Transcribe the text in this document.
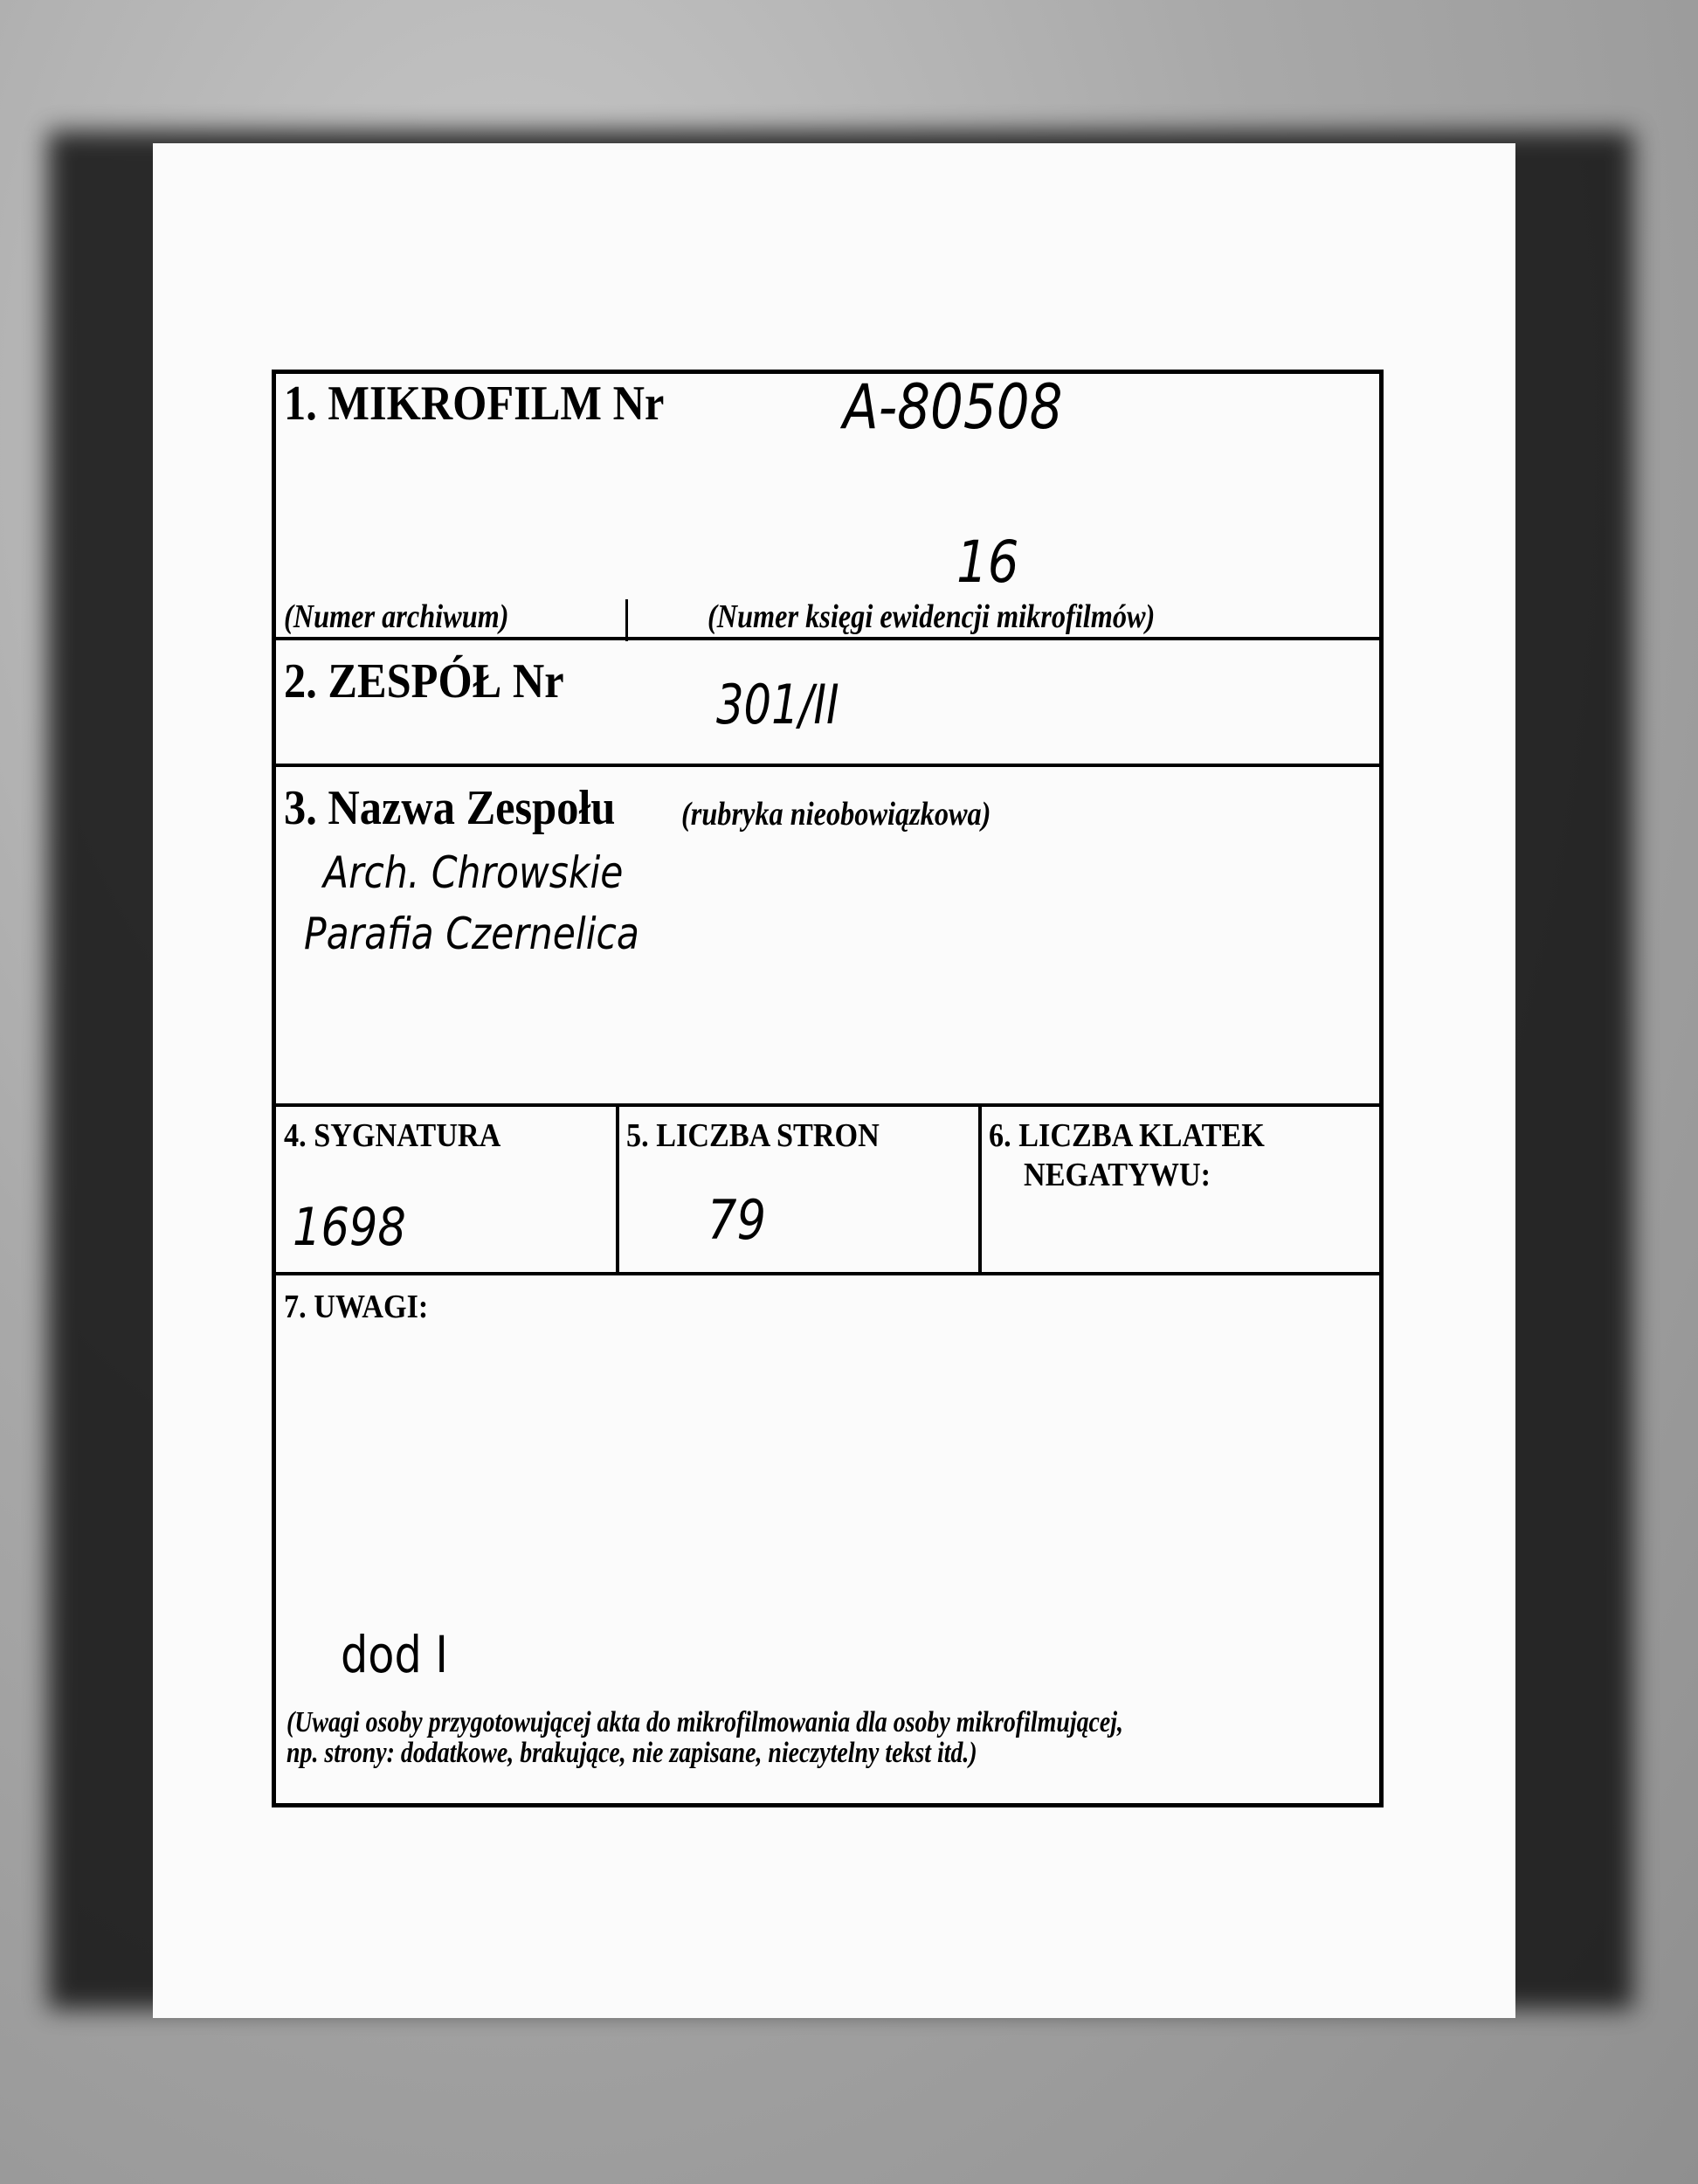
1. MIKROFILM Nr	A-80508
16
(Numer archiwum)	(Numer księgi ewidencji mikrofilmów)
2. ZESPÓŁ Nr	301/II
3. Nazwa Zespołu (rubryka nieobowiązkowa)
Arch. Chrowskie
Parafia Czernelica
4. SYGNATURA
1698
5. LICZBA STRON
79
6. LICZBA KLATEK
NEGATYWU:
7. UWAGI:
dod I
(Uwagi osoby przygotowującej akta do mikrofilmowania dla osoby mikrofilmującej,
np. strony: dodatkowe, brakujące, nie zapisane, nieczytelny tekst itd.)
